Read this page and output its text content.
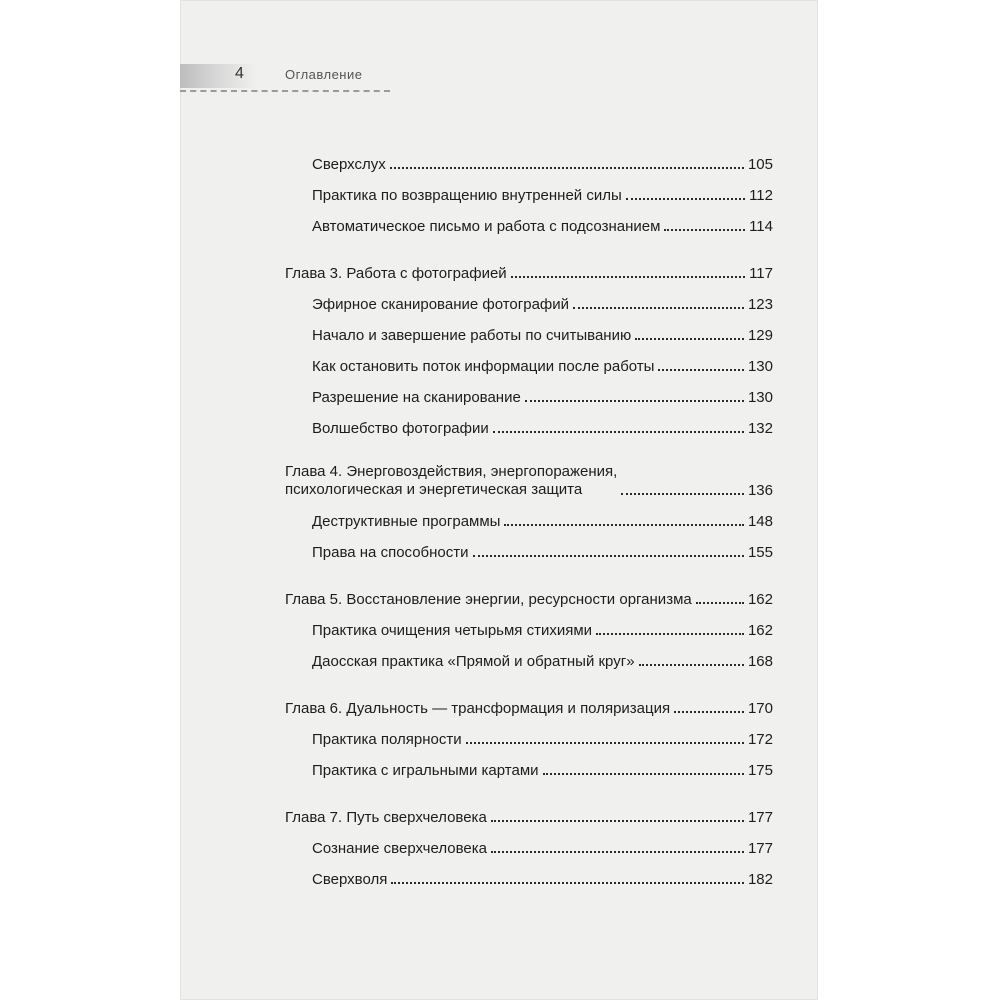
4	Оглавление
Сверхслух	105
Практика по возвращению внутренней силы	112
Автоматическое письмо и работа с подсознанием	114
Глава 3. Работа с фотографией	117
Эфирное сканирование фотографий	123
Начало и завершение работы по считыванию	129
Как остановить поток информации после работы	130
Разрешение на сканирование	130
Волшебство фотографии	132
Глава 4. Энерговоздействия, энергопоражения,
психологическая и энергетическая защита	136
Деструктивные программы	148
Права на способности	155
Глава 5. Восстановление энергии, ресурсности организма	162
Практика очищения четырьмя стихиями	162
Даосская практика «Прямой и обратный круг»	168
Глава 6. Дуальность — трансформация и поляризация	170
Практика полярности	172
Практика с игральными картами	175
Глава 7. Путь сверхчеловека	177
Сознание сверхчеловека	177
Сверхволя	182
